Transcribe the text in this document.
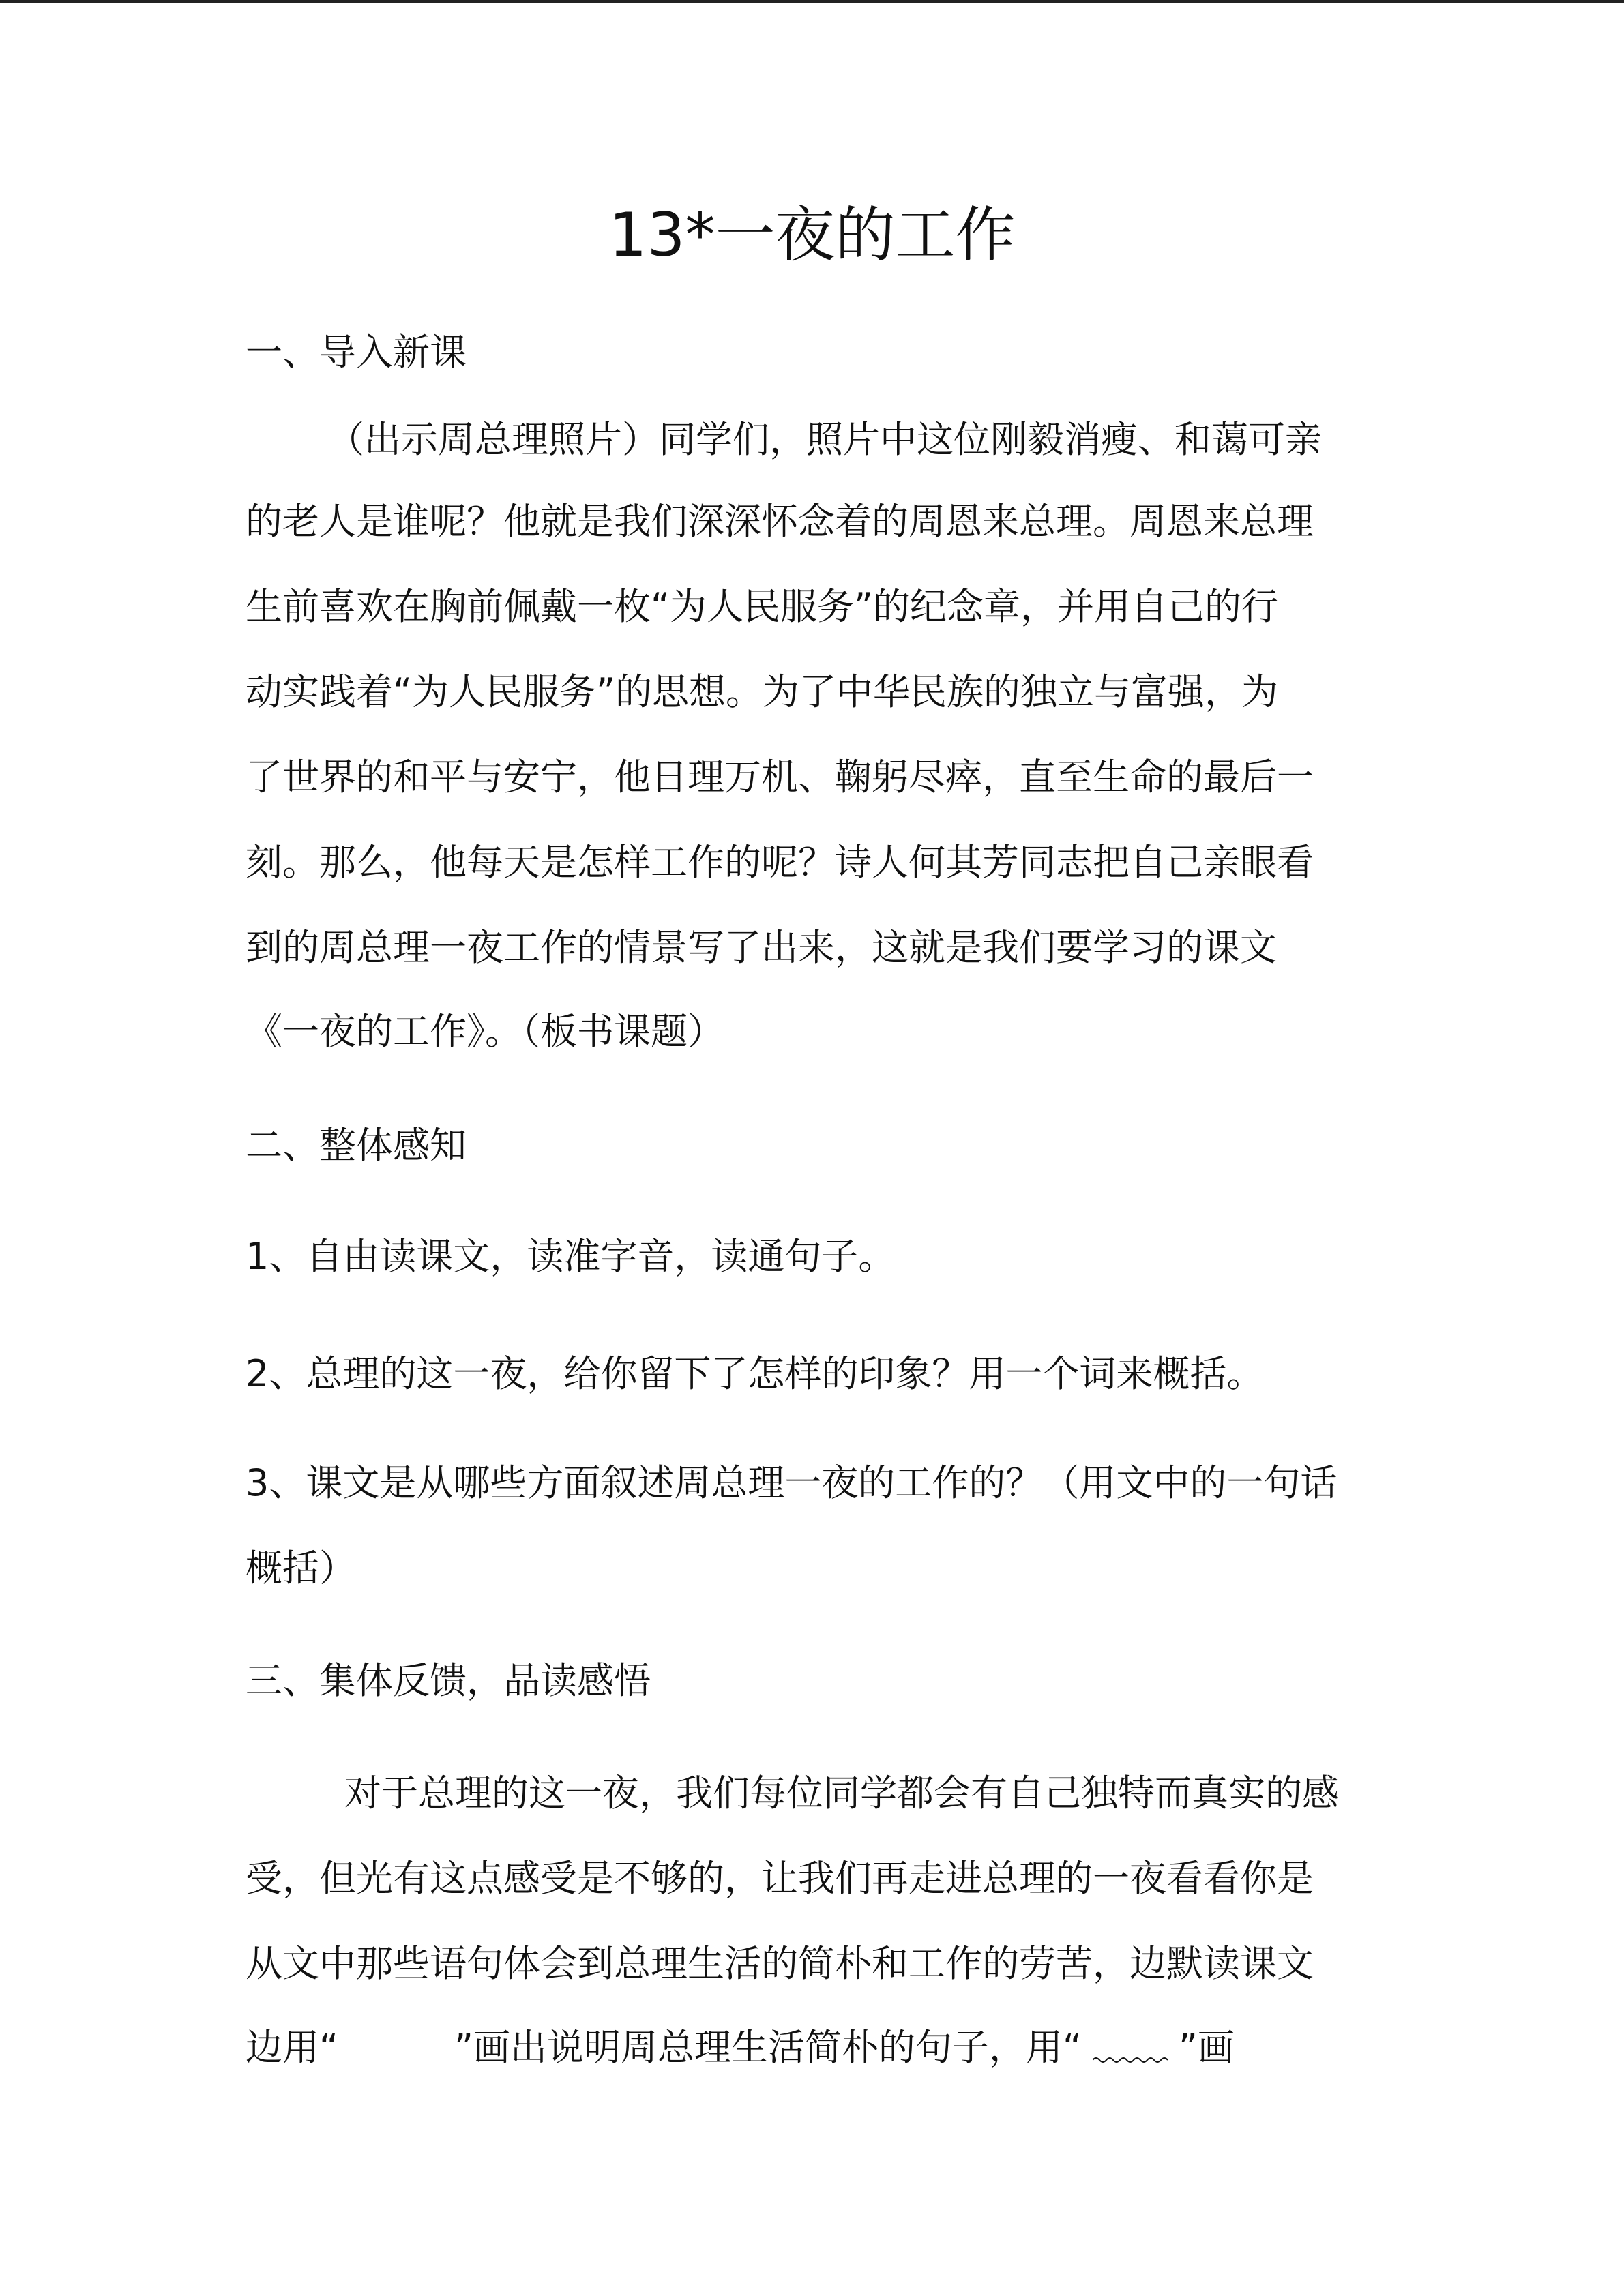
13*一夜的工作
一、导入新课
（出示周总理照片）同学们，照片中这位刚毅消瘦、和蔼可亲
的老人是谁呢？他就是我们深深怀念着的周恩来总理。周恩来总理
生前喜欢在胸前佩戴一枚“为人民服务”的纪念章，并用自己的行
动实践着“为人民服务”的思想。为了中华民族的独立与富强，为
了世界的和平与安宁，他日理万机、鞠躬尽瘁，直至生命的最后一
刻。那么，他每天是怎样工作的呢？诗人何其芳同志把自己亲眼看
到的周总理一夜工作的情景写了出来，这就是我们要学习的课文
《一夜的工作》。（板书课题）
二、整体感知
1、自由读课文，读准字音，读通句子。
2、总理的这一夜，给你留下了怎样的印象？用一个词来概括。
3、课文是从哪些方面叙述周总理一夜的工作的？（用文中的一句话
概括）
三、集体反馈，品读感悟
对于总理的这一夜，我们每位同学都会有自己独特而真实的感
受，但光有这点感受是不够的，让我们再走进总理的一夜看看你是
从文中那些语句体会到总理生活的简朴和工作的劳苦，边默读课文
边用“	”画出说明周总理生活简朴的句子，用“	”画
